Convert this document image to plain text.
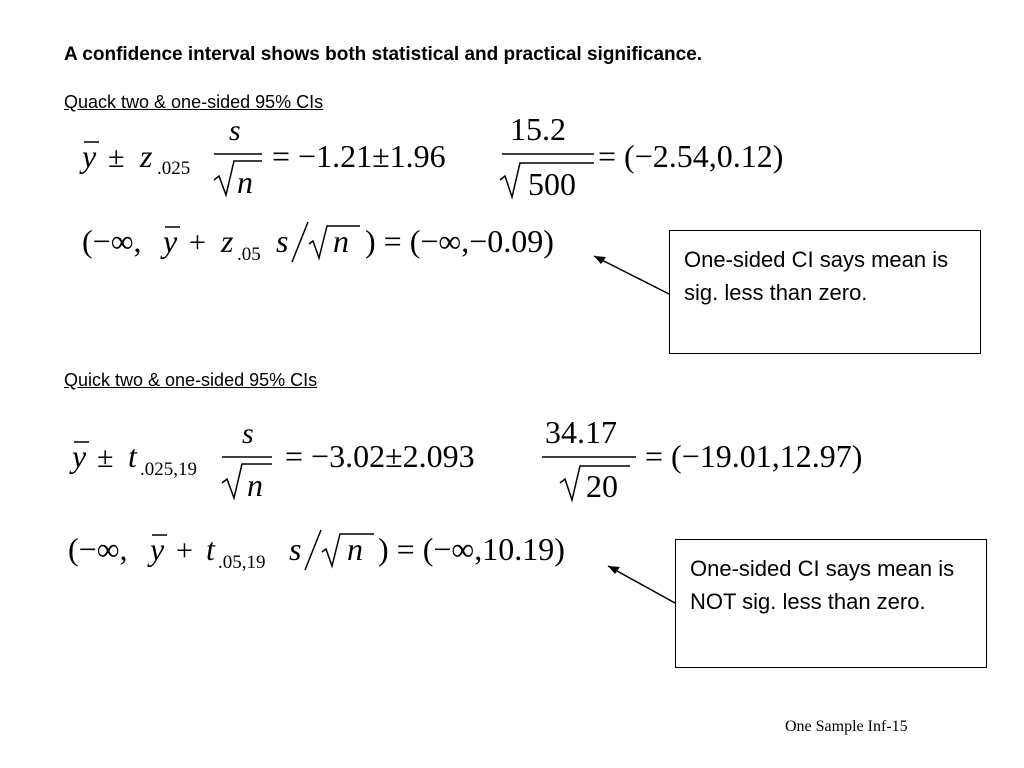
A confidence interval shows both statistical and practical significance.
Quack two & one-sided 95% CIs
y ± z .025
s
n
= −1.21±1.96
15.2
500
= (−2.54,0.12)
(−∞, y + z .05 s n ) = (−∞,−0.09)
y ± t .025,19
s
n
= −3.02±2.093
34.17
20
= (−19.01,12.97)
(−∞, y + t .05,19 s n ) = (−∞,10.19)
One-sided CI says mean is sig. less than zero.
Quick two & one-sided 95% CIs
One-sided CI says mean is NOT sig. less than zero.
One Sample Inf-15
